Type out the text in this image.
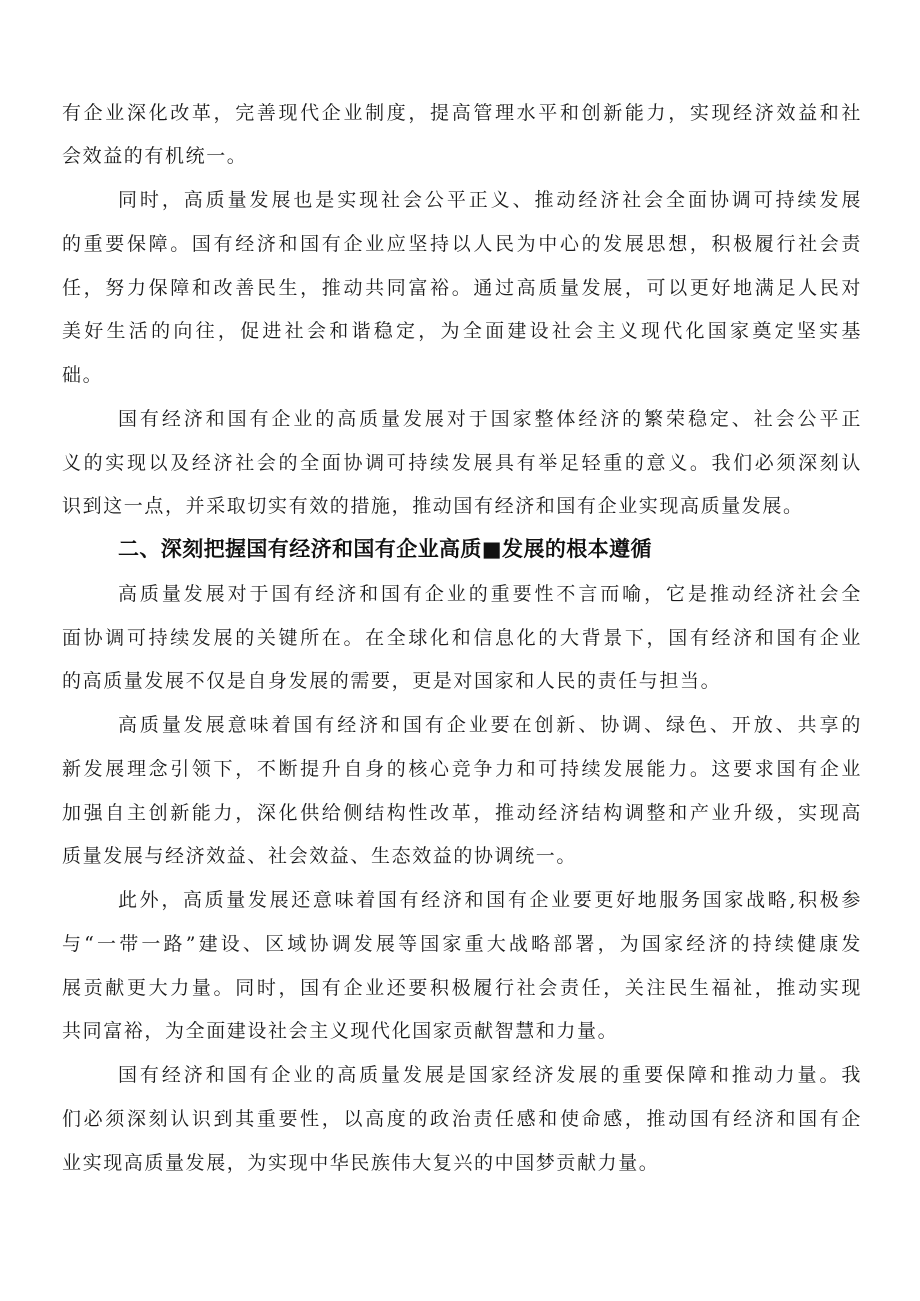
有企业深化改革，完善现代企业制度，提高管理水平和创新能力，实现经济效益和社
会效益的有机统一。
同时，高质量发展也是实现社会公平正义、推动经济社会全面协调可持续发展
的重要保障。国有经济和国有企业应坚持以人民为中心的发展思想，积极履行社会责
任，努力保障和改善民生，推动共同富裕。通过高质量发展，可以更好地满足人民对
美好生活的向往，促进社会和谐稳定，为全面建设社会主义现代化国家奠定坚实基
础。
国有经济和国有企业的高质量发展对于国家整体经济的繁荣稳定、社会公平正
义的实现以及经济社会的全面协调可持续发展具有举足轻重的意义。我们必须深刻认
识到这一点，并采取切实有效的措施，推动国有经济和国有企业实现高质量发展。
二、深刻把握国有经济和国有企业高质■发展的根本遵循
高质量发展对于国有经济和国有企业的重要性不言而喻，它是推动经济社会全
面协调可持续发展的关键所在。在全球化和信息化的大背景下，国有经济和国有企业
的高质量发展不仅是自身发展的需要，更是对国家和人民的责任与担当。
高质量发展意味着国有经济和国有企业要在创新、协调、绿色、开放、共享的
新发展理念引领下，不断提升自身的核心竞争力和可持续发展能力。这要求国有企业
加强自主创新能力，深化供给侧结构性改革，推动经济结构调整和产业升级，实现高
质量发展与经济效益、社会效益、生态效益的协调统一。
此外，高质量发展还意味着国有经济和国有企业要更好地服务国家战略,积极参
与“一带一路”建设、区域协调发展等国家重大战略部署，为国家经济的持续健康发
展贡献更大力量。同时，国有企业还要积极履行社会责任，关注民生福祉，推动实现
共同富裕，为全面建设社会主义现代化国家贡献智慧和力量。
国有经济和国有企业的高质量发展是国家经济发展的重要保障和推动力量。我
们必须深刻认识到其重要性，以高度的政治责任感和使命感，推动国有经济和国有企
业实现高质量发展，为实现中华民族伟大复兴的中国梦贡献力量。
